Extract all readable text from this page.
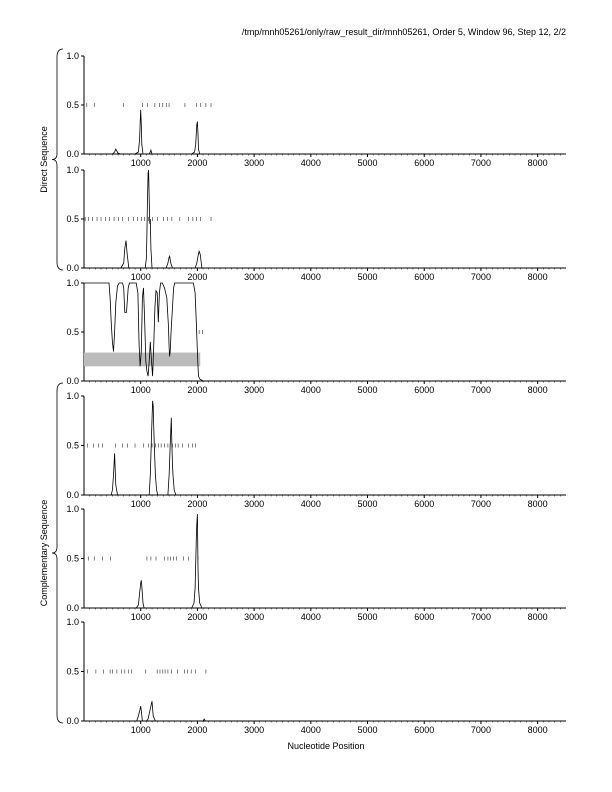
/tmp/mnh05261/only/raw_result_dir/mnh05261, Order 5, Window 96, Step 12, 2/2
0.0
0.5
1.0
1000	2000	3000	4000	5000	6000	7000	8000
0.0
0.5
1.0
1000	2000	3000	4000	5000	6000	7000	8000
0.0
0.5
1.0
1000	2000	3000	4000	5000	6000	7000	8000
0.0
0.5
1.0
1000	2000	3000	4000	5000	6000	7000	8000
0.0
0.5
1.0
1000	2000	3000	4000	5000	6000	7000	8000
0.0
0.5
1.0
1000	2000	3000	4000	5000	6000	7000	8000
Direct Sequence
Complementary Sequence
Nucleotide Position
